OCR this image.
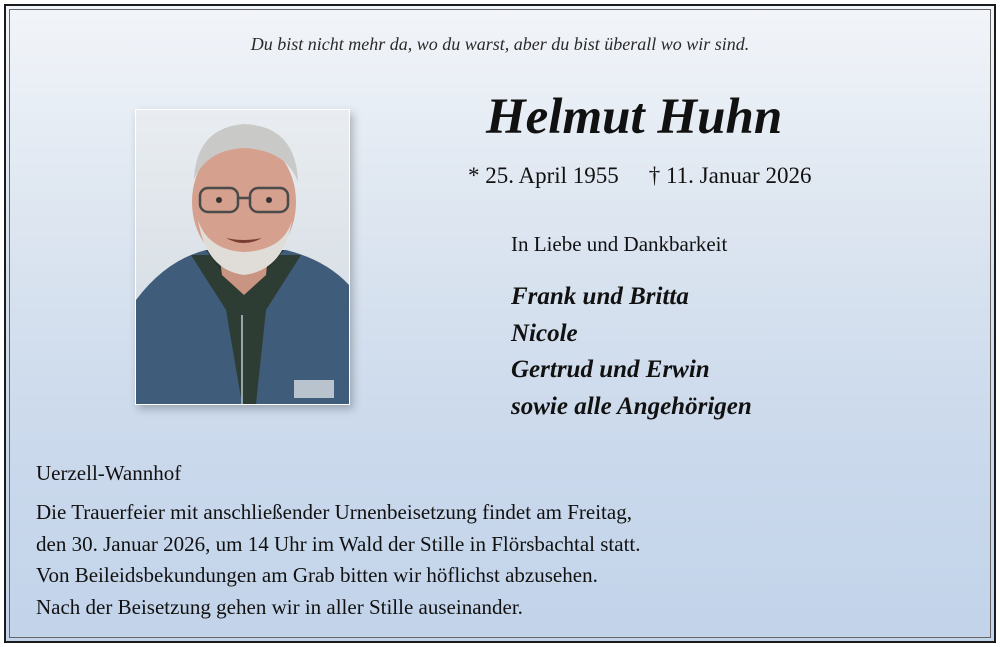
Du bist nicht mehr da, wo du warst, aber du bist überall wo wir sind.
Helmut Huhn
* 25. April 1955 † 11. Januar 2026
In Liebe und Dankbarkeit
Frank und Britta
Nicole
Gertrud und Erwin
sowie alle Angehörigen
Uerzell-Wannhof
Die Trauerfeier mit anschließender Urnenbeisetzung findet am Freitag,
den 30. Januar 2026, um 14 Uhr im Wald der Stille in Flörsbachtal statt.
Von Beileidsbekundungen am Grab bitten wir höflichst abzusehen.
Nach der Beisetzung gehen wir in aller Stille auseinander.
